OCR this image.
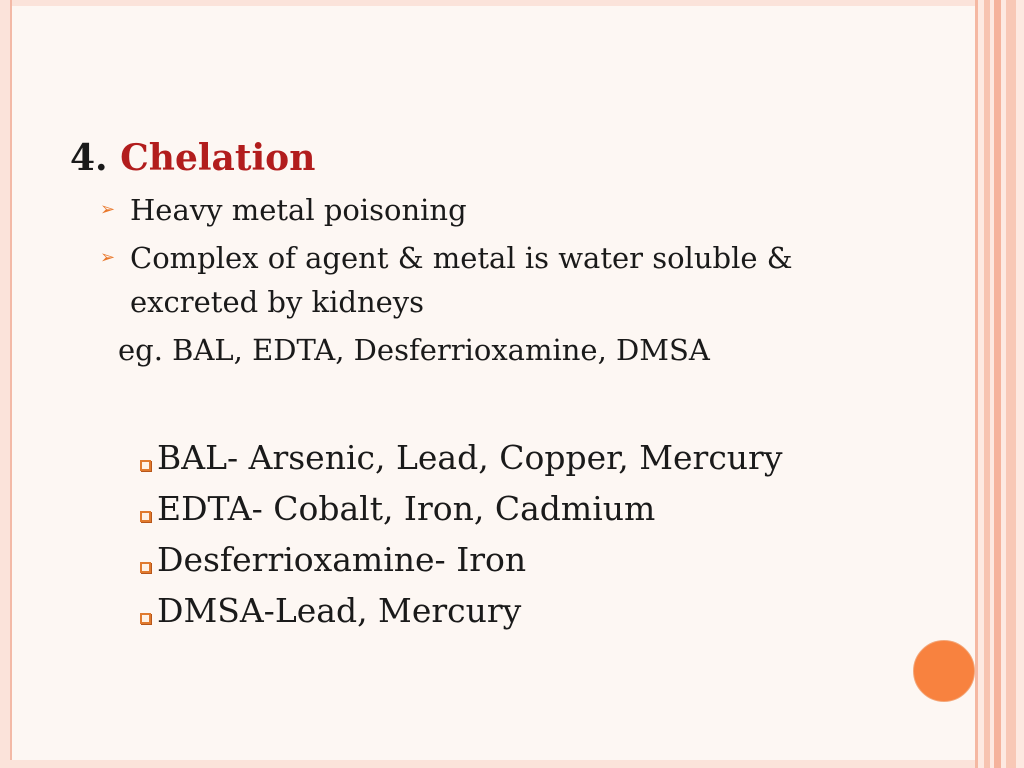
4. Chelation
➢ Heavy metal poisoning
➢ Complex of agent & metal is water soluble & excreted by kidneys
eg. BAL, EDTA, Desferrioxamine, DMSA
BAL- Arsenic, Lead, Copper, Mercury
EDTA- Cobalt, Iron, Cadmium
Desferrioxamine- Iron
DMSA-Lead, Mercury
